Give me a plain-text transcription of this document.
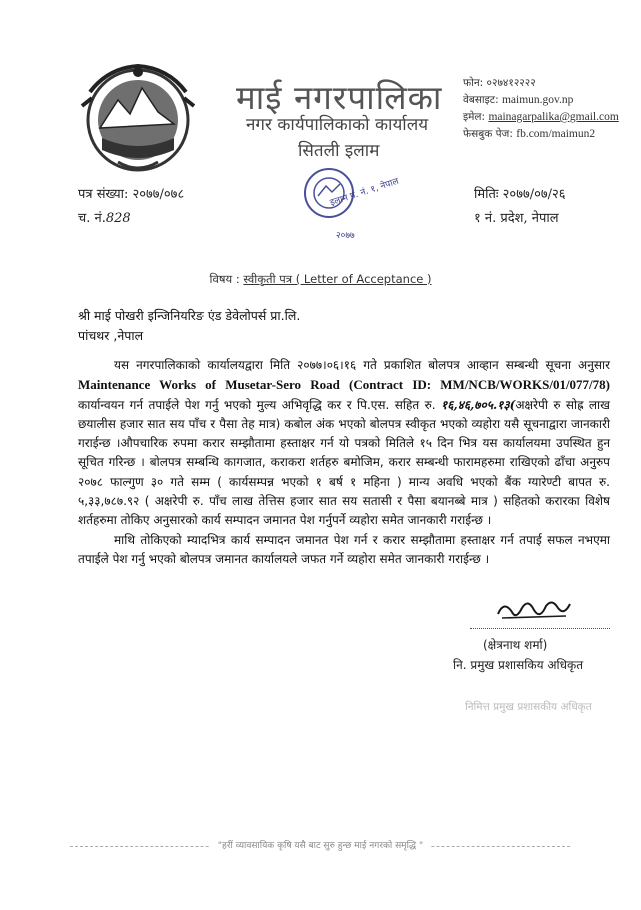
माई नगरपालिका
नगर कार्यपालिकाको कार्यालय
सितली इलाम
फोन: ०२७४१२२२२
वेबसाइट: maimun.gov.np
इमेल: mainagarpalika@gmail.com
फेसबुक पेज: fb.com/maimun2
पत्र संख्या: २०७७/०७८
च. नं.828
मितिः २०७७/०७/२६
१ नं. प्रदेश, नेपाल
इलाम प्र. नं. १, नेपाल
२०७७
विषय : स्वीकृती पत्र ( Letter of Acceptance )
श्री माई पोखरी इन्जिनियरिङ एंड डेवेलोपर्स प्रा.लि.
पांचथर ,नेपाल

यस नगरपालिकाको कार्यालयद्वारा मिति २०७७।०६।१६ गते प्रकाशित बोलपत्र आव्हान सम्बन्धी सूचना अनुसार Maintenance Works of Musetar-Sero Road (Contract ID: MM/NCB/WORKS/01/077/78) कार्यान्वयन गर्न तपाईले पेश गर्नु भएको मुल्य अभिवृद्धि कर र पि.एस. सहित रु. १६,४६,७०५.१३(अक्षरेपी रु सोह्र लाख छयालीस हजार सात सय पाँच र पैसा तेह मात्र) कबोल अंक भएको बोलपत्र स्वीकृत भएको व्यहोरा यसै सूचनाद्वारा जानकारी गराईन्छ ।औपचारिक रुपमा करार सम्झौतामा हस्ताक्षर गर्न यो पत्रको मितिले १५ दिन भित्र यस कार्यालयमा उपस्थित हुन सूचित गरिन्छ । बोलपत्र सम्बन्धि कागजात, कराकरा शर्तहरु बमोजिम, करार सम्बन्धी फारामहरुमा राखिएको ढाँचा अनुरुप २०७८ फाल्गुण ३० गते सम्म ( कार्यसम्पन्न भएको १ बर्ष १ महिना ) मान्य अवधि भएको बैंक ग्यारेण्टी बापत रु. ५,३३,७८७.९२ ( अक्षरेपी रु. पाँच लाख तेत्तिस हजार सात सय सतासी र पैसा बयानब्बे मात्र ) सहितको करारका विशेष शर्तहरुमा तोकिए अनुसारको कार्य सम्पादन जमानत पेश गर्नुपर्ने व्यहोरा समेत जानकारी गराईन्छ ।

माथि तोकिएको म्यादभित्र कार्य सम्पादन जमानत पेश गर्न र करार सम्झौतामा हस्ताक्षर गर्न तपाई सफल नभएमा तपाईले पेश गर्नु भएको बोलपत्र जमानत कार्यालयले जफत गर्ने व्यहोरा समेत जानकारी गराईन्छ ।

(क्षेत्रनाथ शर्मा)
नि. प्रमुख प्रशासकिय अधिकृत
निमित्त प्रमुख प्रशासकीय अधिकृत
"हरीं व्यावसायिक कृषि यसै बाट सुरु हुन्छ माई नगरको समृद्धि "
